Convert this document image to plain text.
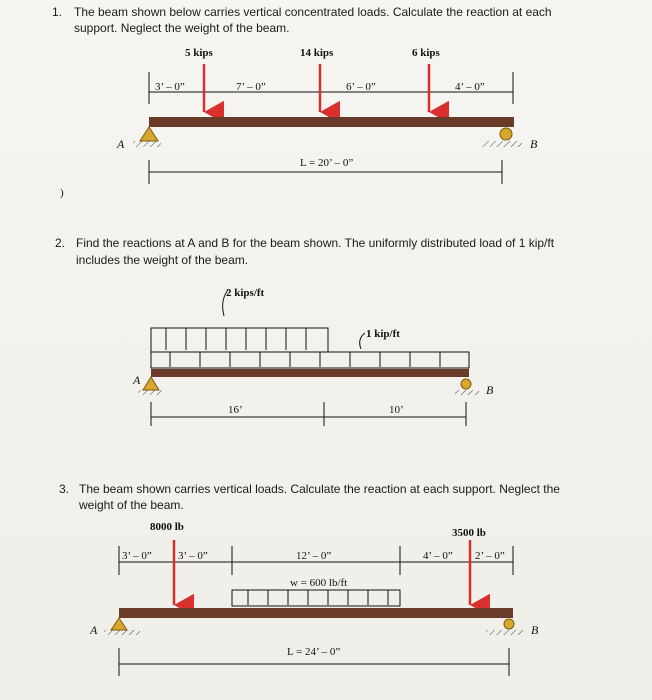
1. The beam shown below carries vertical concentrated loads. Calculate the reaction at each

support. Neglect the weight of the beam.

2. Find the reactions at A and B for the beam shown. The uniformly distributed load of 1 kip/ft

includes the weight of the beam.

3. The beam shown carries vertical loads. Calculate the reaction at each support. Neglect the

weight of the beam.

5 kips	14 kips	6 kips
3’ – 0”	7’ – 0”	6’ – 0”	4’ – 0”
A	B
L = 20’ – 0”
)
2 kips/ft
1 kip/ft
A
B
16’	10’
8000 lb	3500 lb
3’ – 0” 3’ – 0”	12’ – 0”	4’ – 0” 2’ – 0”
w = 600 lb/ft
A	B
L = 24’ – 0”
